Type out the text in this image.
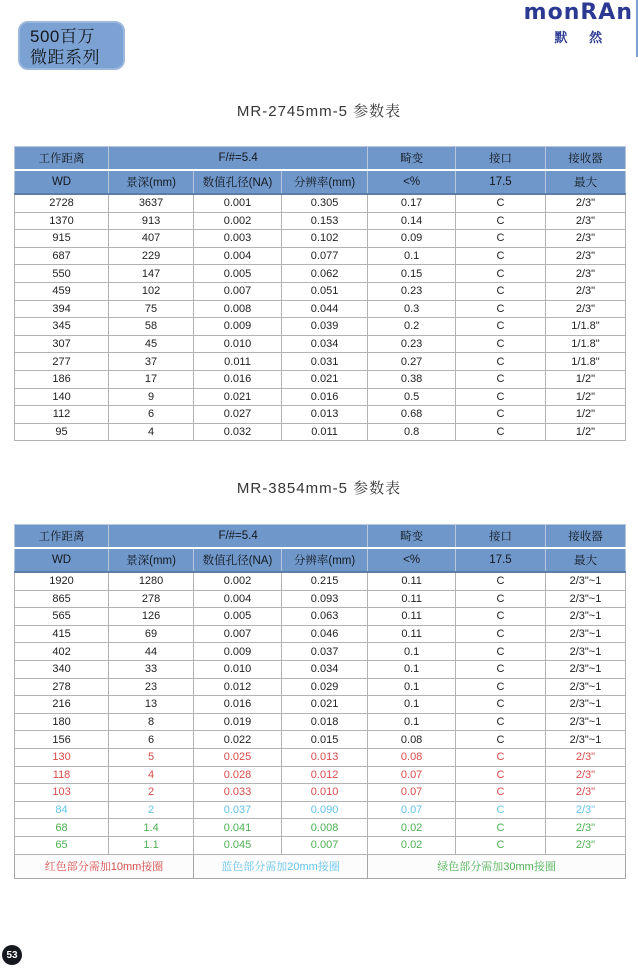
500百万
微距系列
monRAn
默 然
MR-2745mm-5 参数表
工作距离	F/#=5.4			畸变	接口	接收器
WD	景深(mm)	数值孔径(NA)	分辨率(mm)	<%	17.5	最大
2728	3637	0.001	0.305	0.17	C	2/3"
1370	913	0.002	0.153	0.14	C	2/3"
915	407	0.003	0.102	0.09	C	2/3"
687	229	0.004	0.077	0.1	C	2/3"
550	147	0.005	0.062	0.15	C	2/3"
459	102	0.007	0.051	0.23	C	2/3"
394	75	0.008	0.044	0.3	C	2/3"
345	58	0.009	0.039	0.2	C	1/1.8"
307	45	0.010	0.034	0.23	C	1/1.8"
277	37	0.011	0.031	0.27	C	1/1.8"
186	17	0.016	0.021	0.38	C	1/2"
140	9	0.021	0.016	0.5	C	1/2"
112	6	0.027	0.013	0.68	C	1/2"
95	4	0.032	0.011	0.8	C	1/2"
MR-3854mm-5 参数表
工作距离	F/#=5.4			畸变	接口	接收器
WD	景深(mm)	数值孔径(NA)	分辨率(mm)	<%	17.5	最大
1920	1280	0.002	0.215	0.11	C	2/3"~1
865	278	0.004	0.093	0.11	C	2/3"~1
565	126	0.005	0.063	0.11	C	2/3"~1
415	69	0.007	0.046	0.11	C	2/3"~1
402	44	0.009	0.037	0.1	C	2/3"~1
340	33	0.010	0.034	0.1	C	2/3"~1
278	23	0.012	0.029	0.1	C	2/3"~1
216	13	0.016	0.021	0.1	C	2/3"~1
180	8	0.019	0.018	0.1	C	2/3"~1
156	6	0.022	0.015	0.08	C	2/3"~1
130	5	0.025	0.013	0.08	C	2/3"
118	4	0.028	0.012	0.07	C	2/3"
103	2	0.033	0.010	0.07	C	2/3"
84	2	0.037	0.090	0.07	C	2/3"
68	1.4	0.041	0.008	0.02	C	2/3"
65	1.1	0.045	0.007	0.02	C	2/3"
红色部分需加10mm接圈		蓝色部分需加20mm接圈		绿色部分需加30mm接圈		
53
